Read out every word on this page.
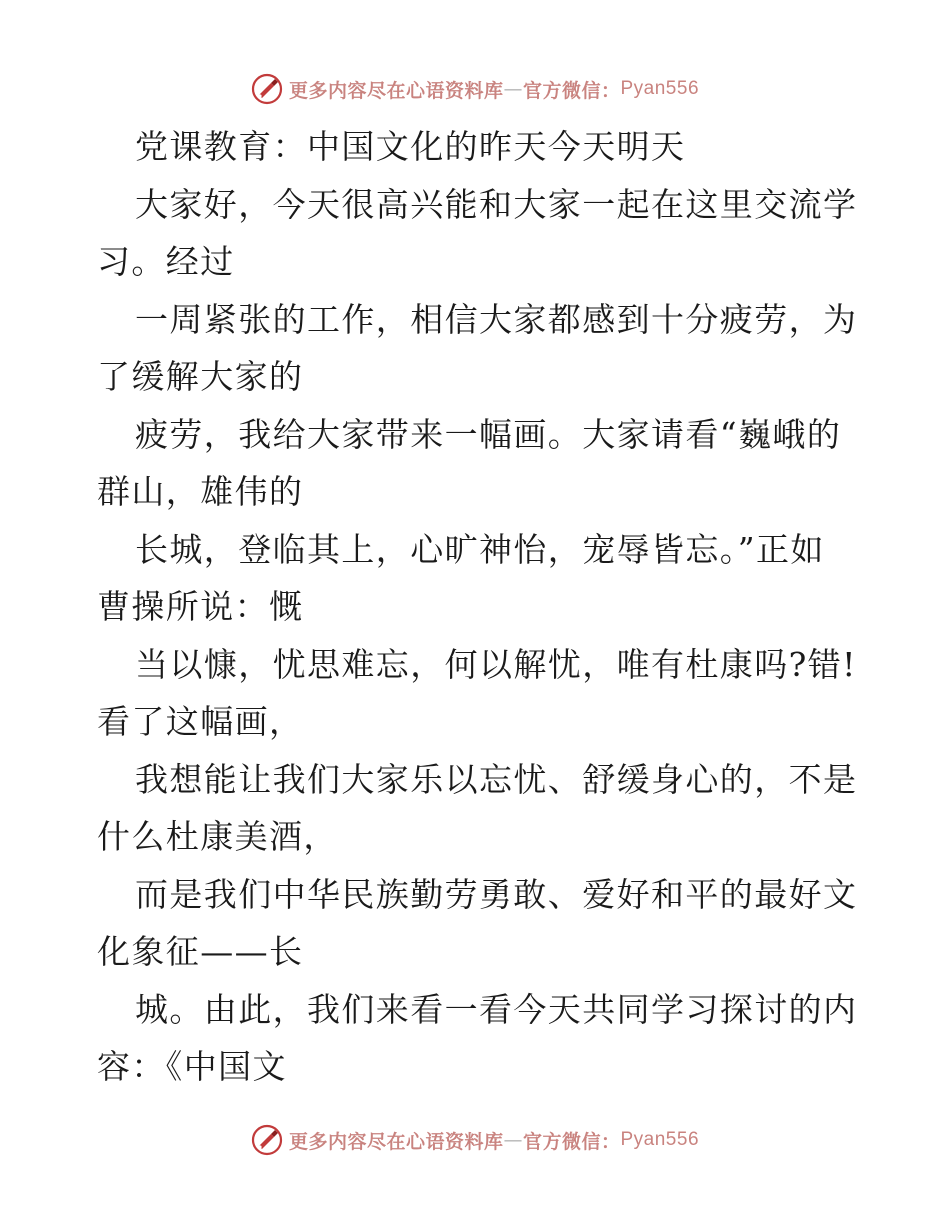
更多内容尽在心语资料库 — 官方微信： Pyan556
党课教育：中国文化的昨天今天明天
大家好，今天很高兴能和大家一起在这里交流学
习。经过
一周紧张的工作，相信大家都感到十分疲劳，为
了缓解大家的
疲劳，我给大家带来一幅画。大家请看“巍峨的
群山，雄伟的
长城，登临其上，心旷神怡，宠辱皆忘。”正如
曹操所说：慨
当以慷，忧思难忘，何以解忧，唯有杜康吗?错!
看了这幅画，
我想能让我们大家乐以忘忧、舒缓身心的，不是
什么杜康美酒，
而是我们中华民族勤劳勇敢、爱好和平的最好文
化象征——长
城。由此，我们来看一看今天共同学习探讨的内
容：《中国文
更多内容尽在心语资料库 — 官方微信： Pyan556
